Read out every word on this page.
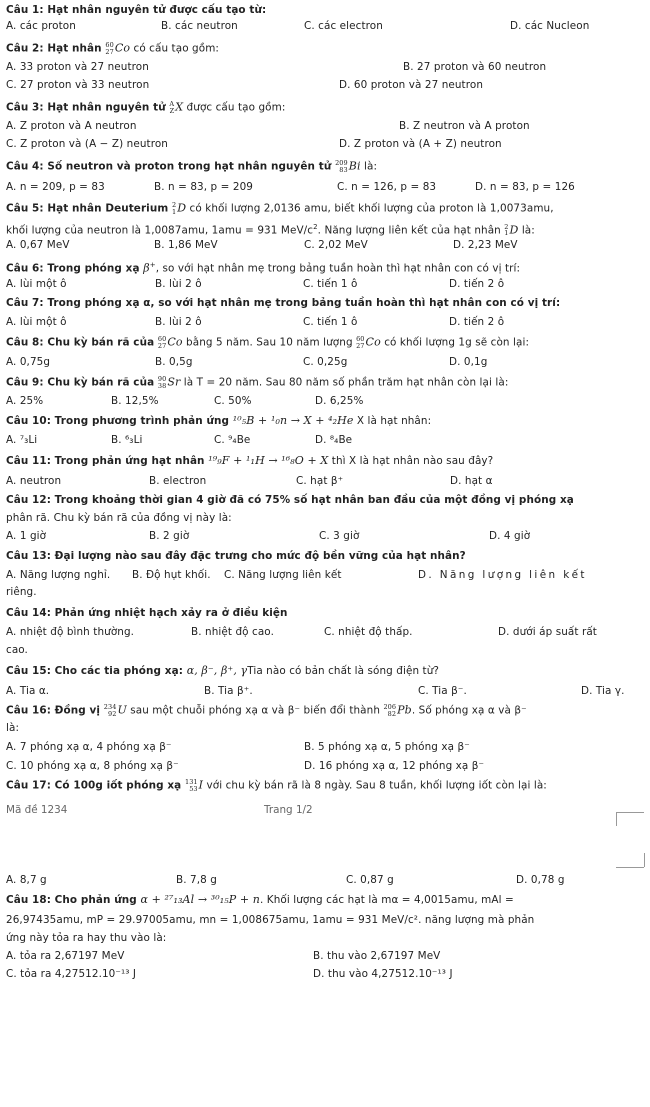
Câu 1: Hạt nhân nguyên tử được cấu tạo từ:
A. các proton	B. các neutron	C. các electron	D. các Nucleon
Câu 2: Hạt nhân 60
27 Co có cấu tạo gồm:
A. 33 proton và 27 neutron	B. 27 proton và 60 neutron
C. 27 proton và 33 neutron	D. 60 proton và 27 neutron
Câu 3: Hạt nhân nguyên tử A
Z X được cấu tạo gồm:
A. Z proton và A neutron	B. Z neutron và A proton
C. Z proton và (A − Z) neutron	D. Z proton và (A + Z) neutron
Câu 4: Số neutron và proton trong hạt nhân nguyên tử 209
83 Bi là:
A. n = 209, p = 83	B. n = 83, p = 209	C. n = 126, p = 83	D. n = 83, p = 126
Câu 5: Hạt nhân Deuterium 2
1 D có khối lượng 2,0136 amu, biết khối lượng của proton là 1,0073amu,
khối lượng của neutron là 1,0087amu, 1amu = 931 MeV/$c^2$. Năng lượng liên kết của hạt nhân 2
1 D là:
A. 0,67 MeV	B. 1,86 MeV	C. 2,02 MeV	D. 2,23 MeV
Câu 6: Trong phóng xạ β+, so với hạt nhân mẹ trong bảng tuần hoàn thì hạt nhân con có vị trí:
A. lùi một ô	B. lùi 2 ô	C. tiến 1 ô	D. tiến 2 ô
Câu 7: Trong phóng xạ α, so với hạt nhân mẹ trong bảng tuần hoàn thì hạt nhân con có vị trí:
A. lùi một ô	B. lùi 2 ô	C. tiến 1 ô	D. tiến 2 ô
Câu 8: Chu kỳ bán rã của 60
27 Co bằng 5 năm. Sau 10 năm lượng 60
27 Co có khối lượng 1g sẽ còn lại:
A. 0,75g	B. 0,5g	C. 0,25g	D. 0,1g
Câu 9: Chu kỳ bán rã của 90
38 Sr là T = 20 năm. Sau 80 năm số phần trăm hạt nhân còn lại là:
A. 25%	B. 12,5%	C. 50%	D. 6,25%
Câu 10: Trong phương trình phản ứng ¹⁰₅B + ¹₀n → X + ⁴₂He X là hạt nhân:
A. ⁷₃Li	B. ⁶₃Li	C. ⁹₄Be	D. ⁸₄Be
Câu 11: Trong phản ứng hạt nhân ¹⁹₉F + ¹₁H → ¹⁶₈O + X thì X là hạt nhân nào sau đây?
A. neutron	B. electron	C. hạt β⁺	D. hạt α
Câu 12: Trong khoảng thời gian 4 giờ đã có 75% số hạt nhân ban đầu của một đồng vị phóng xạ
phân rã. Chu kỳ bán rã của đồng vị này là:
A. 1 giờ	B. 2 giờ	C. 3 giờ	D. 4 giờ
Câu 13: Đại lượng nào sau đây đặc trưng cho mức độ bền vững của hạt nhân?
A. Năng lượng nghỉ. B. Độ hụt khối. C. Năng lượng liên kết	D. Năng lượng liên kết
riêng.
Câu 14: Phản ứng nhiệt hạch xảy ra ở điều kiện
A. nhiệt độ bình thường.	B. nhiệt độ cao.	C. nhiệt độ thấp.	D. dưới áp suất rất
cao.
Câu 15: Cho các tia phóng xạ: α, β⁻, β⁺, γTia nào có bản chất là sóng điện từ?
A. Tia α.	B. Tia β⁺.	C. Tia β⁻.	D. Tia γ.
Câu 16: Đồng vị 234
92 U sau một chuỗi phóng xạ α và β⁻ biến đổi thành 206
82 Pb. Số phóng xạ α và β⁻
là:
A. 7 phóng xạ α, 4 phóng xạ β⁻	B. 5 phóng xạ α, 5 phóng xạ β⁻
C. 10 phóng xạ α, 8 phóng xạ β⁻	D. 16 phóng xạ α, 12 phóng xạ β⁻
Câu 17: Có 100g iốt phóng xạ 131
53 I với chu kỳ bán rã là 8 ngày. Sau 8 tuần, khối lượng iốt còn lại là:
Mã đề 1234	Trang 1/2
A. 8,7 g	B. 7,8 g	C. 0,87 g	D. 0,78 g
Câu 18: Cho phản ứng α + ²⁷₁₃Al → ³⁰₁₅P + n. Khối lượng các hạt là mα = 4,0015amu, mAl =
26,97435amu, mP = 29.97005amu, mn = 1,008675amu, 1amu = 931 MeV/c². năng lượng mà phản
ứng này tỏa ra hay thu vào là:
A. tỏa ra 2,67197 MeV	B. thu vào 2,67197 MeV
C. tỏa ra 4,27512.10⁻¹³ J	D. thu vào 4,27512.10⁻¹³ J
